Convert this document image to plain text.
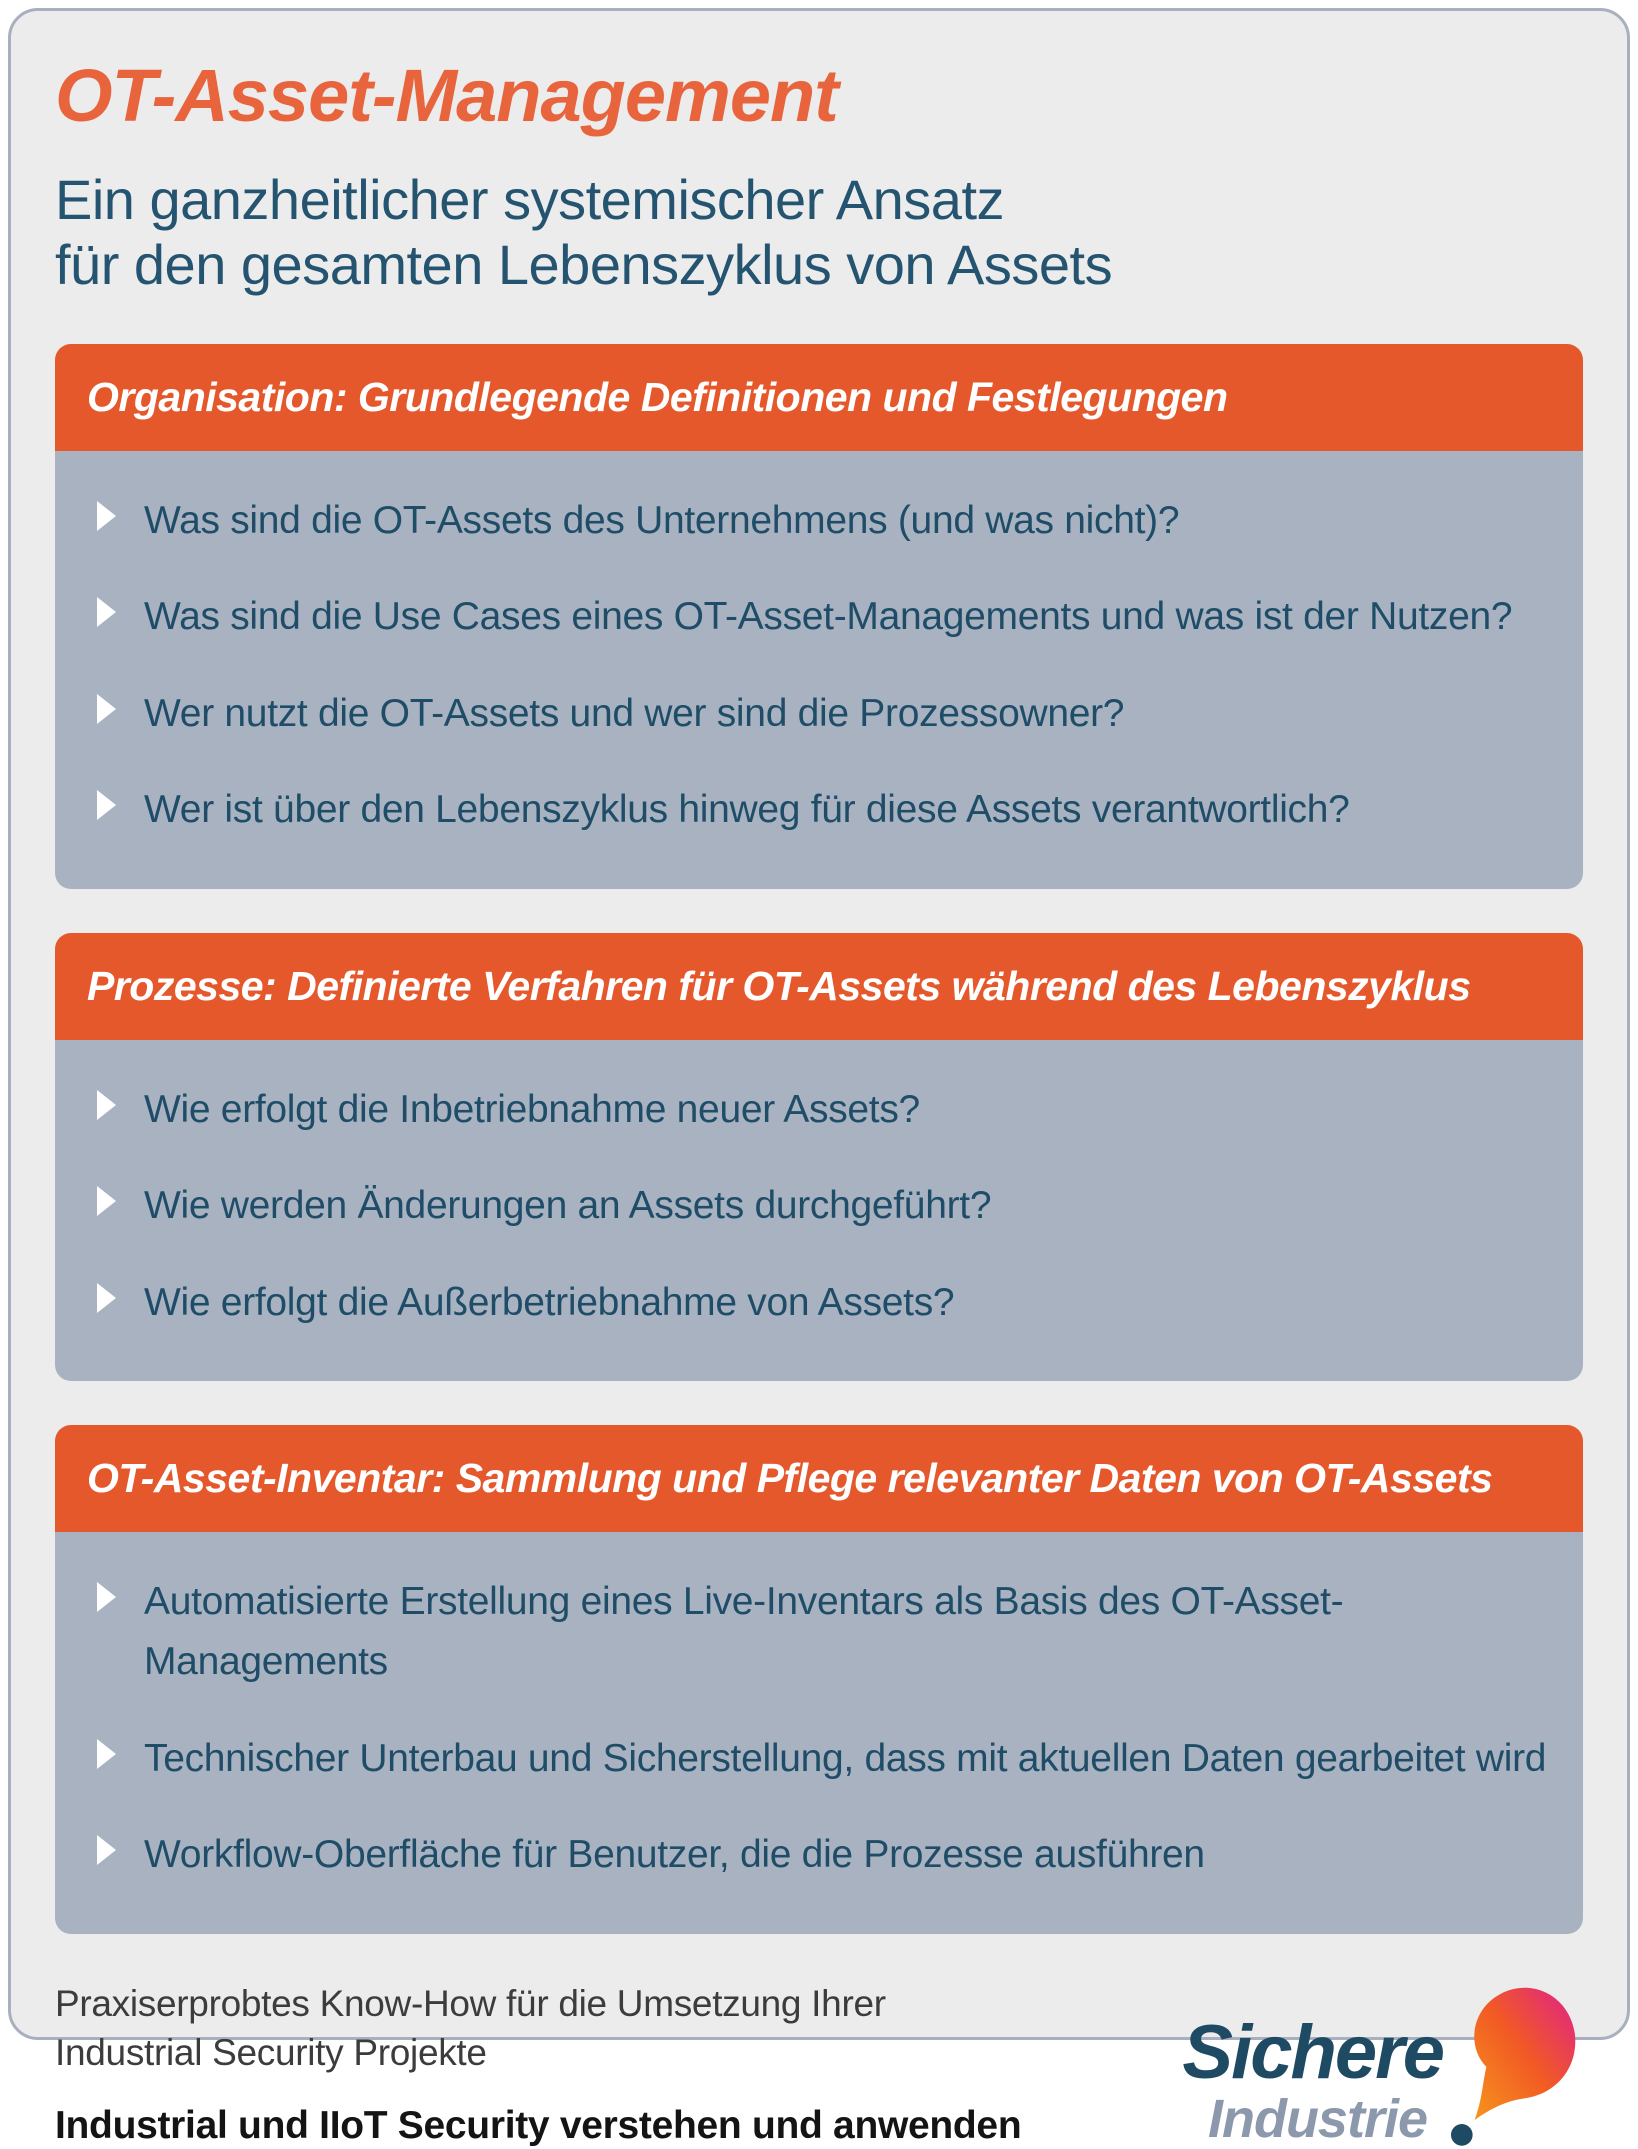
OT-Asset-Management
Ein ganzheitlicher systemischer Ansatz
für den gesamten Lebenszyklus von Assets
Organisation: Grundlegende Definitionen und Festlegungen
Was sind die OT-Assets des Unternehmens (und was nicht)?
Was sind die Use Cases eines OT-Asset-Managements und was ist der Nutzen?
Wer nutzt die OT-Assets und wer sind die Prozessowner?
Wer ist über den Lebenszyklus hinweg für diese Assets verantwortlich?
Prozesse: Definierte Verfahren für OT-Assets während des Lebenszyklus
Wie erfolgt die Inbetriebnahme neuer Assets?
Wie werden Änderungen an Assets durchgeführt?
Wie erfolgt die Außerbetriebnahme von Assets?
OT-Asset-Inventar: Sammlung und Pflege relevanter Daten von OT-Assets
Automatisierte Erstellung eines Live-Inventars als Basis des OT-Asset-Managements
Technischer Unterbau und Sicherstellung, dass mit aktuellen Daten gearbeitet wird
Workflow-Oberfläche für Benutzer, die die Prozesse ausführen

Praxiserprobtes Know-How für die Umsetzung Ihrer
Industrial Security Projekte

Industrial und IIoT Security verstehen und anwenden

Sichere
Industrie
